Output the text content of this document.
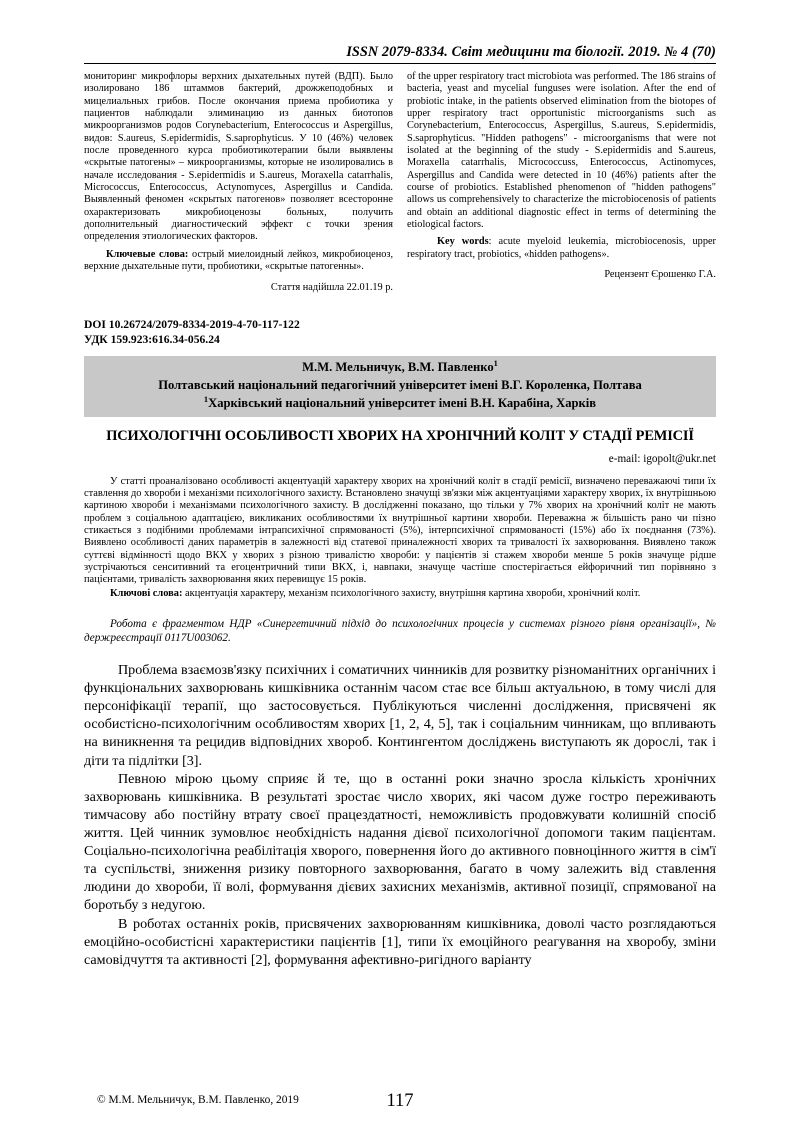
ISSN 2079-8334. Світ медицини та біології. 2019. № 4 (70)

мониторинг микрофлоры верхних дыхательных путей (ВДП). Было изолировано 186 штаммов бактерий, дрожжеподобных и мицелиальных грибов. После окончания приема пробиотика у пациентов наблюдали элиминацию из данных биотопов микроорганизмов родов Corynebacterium, Enterococcus и Aspergillus, видов: S.aureus, S.epidermidis, S.saprophyticus. У 10 (46%) человек после проведенного курса пробиотикотерапии были выявлены «скрытые патогены» – микроорганизмы, которые не изолировались в начале исследования - S.epidermidis и S.aureus, Moraxella catarrhalis, Micrococcus, Enterococcus, Actynomyces, Aspergillus и Candida. Выявленный феномен «скрытых патогенов» позволяет всесторонне охарактеризовать микробиоценозы больных, получить дополнительный диагностический эффект с точки зрения определения этиологических факторов.

Ключевые слова: острый миелоидный лейкоз, микробиоценоз, верхние дыхательные пути, пробиотики, «скрытые патогенны».

Стаття надійшла 22.01.19 р.

of the upper respiratory tract microbiota was performed. The 186 strains of bacteria, yeast and mycelial funguses were isolation. After the end of probiotic intake, in the patients observed elimination from the biotopes of upper respiratory tract opportunistic microorganisms such as Corynebacterium, Enterococcus, Aspergillus, S.aureus, S.epidermidis, S.saprophyticus. "Hidden pathogens" - microorganisms that were not isolated at the beginning of the study - S.epidermidis and S.aureus, Moraxella catarrhalis, Micrococcuss, Enterococcus, Actinomyces, Aspergillus and Candida were detected in 10 (46%) patients after the course of probiotics. Established phenomenon of "hidden pathogens" allows us comprehensively to characterize the microbiocenosis of patients and obtain an additional diagnostic effect in terms of determining the etiological factors.

Key words: acute myeloid leukemia, microbiocenosis, upper respiratory tract, probiotics, «hidden pathogens».

Рецензент Єрошенко Г.А.

DOI 10.26724/2079-8334-2019-4-70-117-122
УДК 159.923:616.34-056.24
М.М. Мельничук, В.М. Павленко$^1$
Полтавський національний педагогічний університет імені В.Г. Короленка, Полтава
$^1$Харківський національний університет імені В.Н. Карабіна, Харків
ПСИХОЛОГІЧНІ ОСОБЛИВОСТІ ХВОРИХ НА ХРОНІЧНИЙ КОЛІТ У СТАДІЇ РЕМІСІЇ
e-mail: igopolt@ukr.net

У статті проаналізовано особливості акцентуацій характеру хворих на хронічний коліт в стадії ремісії, визначено переважаючі типи їх ставлення до хвороби і механізми психологічного захисту. Встановлено значущі зв'язки між акцентуаціями характеру хворих, їх внутрішньою картиною хвороби і механізмами психологічного захисту. В дослідженні показано, що тільки у 7% хворих на хронічний коліт не мають проблем з соціальною адаптацією, викликаних особливостями їх внутрішньої картини хвороби. Переважна ж більшість рано чи пізно стикається з подібними проблемами інтрапсихічної спрямованості (5%), інтерпсихічної спрямованості (15%) або їх поєднання (73%). Виявлено особливості даних параметрів в залежності від статевої приналежності хворих та тривалості їх захворювання. Виявлено також суттєві відмінності щодо ВКХ у хворих з різною тривалістю хвороби: у пацієнтів зі стажем хвороби менше 5 років значуще рідше зустрічаються сенситивний та егоцентричний типи ВКХ, і, навпаки, значуще частіше спостерігається ейфоричний тип порівняно з пацієнтами, тривалість захворювання яких перевищує 15 років.

Ключові слова: акцентуація характеру, механізм психологічного захисту, внутрішня картина хвороби, хронічний коліт.

Робота є фрагментом НДР «Синергетичний підхід до психологічних процесів у системах різного рівня організації», № держреєстрації 0117U003062.

Проблема взаємозв'язку психічних і соматичних чинників для розвитку різноманітних органічних і функціональних захворювань кишківника останнім часом стає все більш актуальною, в тому числі для персоніфікації терапії, що застосовується. Публікуються численні дослідження, присвячені як особистісно-психологічним особливостям хворих [1, 2, 4, 5], так і соціальним чинникам, що впливають на виникнення та рецидив відповідних хвороб. Контингентом досліджень виступають як дорослі, так і діти та підлітки [3].

Певною мірою цьому сприяє й те, що в останні роки значно зросла кількість хронічних захворювань кишківника. В результаті зростає число хворих, які часом дуже гостро переживають тимчасову або постійну втрату своєї працездатності, неможливість продовжувати колишній спосіб життя. Цей чинник зумовлює необхідність надання дієвої психологічної допомоги таким пацієнтам. Соціально-психологічна реабілітація хворого, повернення його до активного повноцінного життя в сім'ї та суспільстві, зниження ризику повторного захворювання, багато в чому залежить від ставлення людини до хвороби, її волі, формування дієвих захисних механізмів, активної позиції, спрямованої на боротьбу з недугою.

В роботах останніх років, присвячених захворюванням кишківника, доволі часто розглядаються емоційно-особистісні характеристики пацієнтів [1], типи їх емоційного реагування на хворобу, зміни самовідчуття та активності [2], формування афективно-ригідного варіанту

© М.М. Мельничук, В.М. Павленко, 2019	117
